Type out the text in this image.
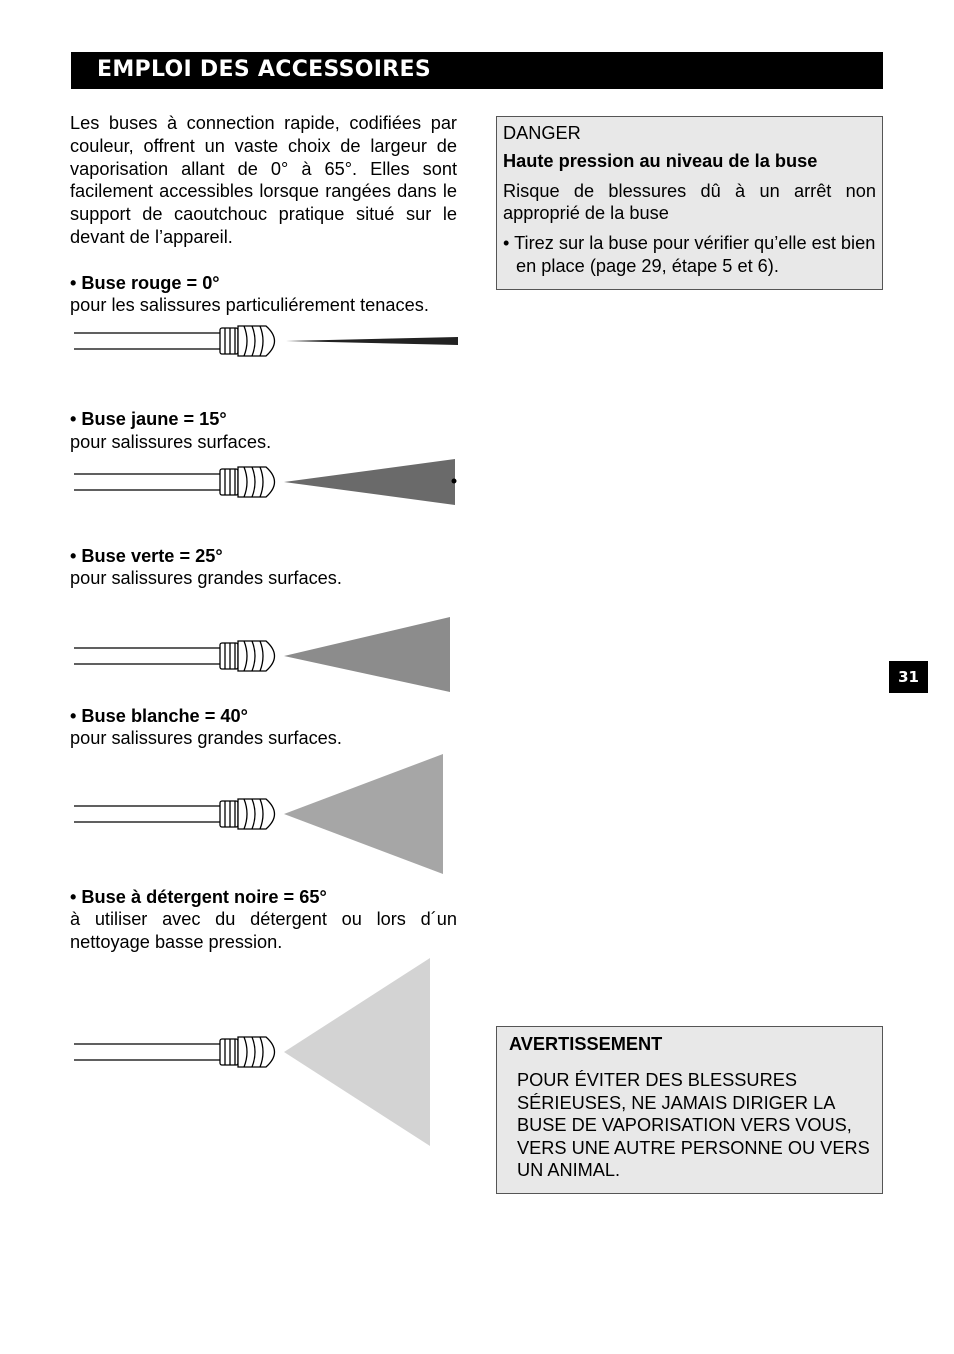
EMPLOI DES ACCESSOIRES

Les buses à connection rapide, codifiées par couleur, offrent un vaste choix de largeur de vaporisation allant de 0° à 65°. Elles sont facilement accessibles lorsque rangées dans le support de caoutchouc pratique situé sur le devant de l’appareil.

• Buse rouge = 0°

pour les salissures particuliérement tenaces.

• Buse jaune = 15°

pour salissures surfaces.

• Buse verte = 25°

pour salissures grandes surfaces.

• Buse blanche = 40°

pour salissures grandes surfaces.

• Buse à détergent noire = 65°

à utiliser avec du détergent ou lors d´un nettoyage basse pression.

DANGER

Haute pression au niveau de la buse

Risque de blessures dû à un arrêt non approprié de la buse

• Tirez sur la buse pour vérifier qu’elle est bien en place (page 29, étape 5 et 6).

31

AVERTISSEMENT

POUR ÉVITER DES BLESSURES SÉRIEUSES, NE JAMAIS DIRIGER LA BUSE DE VAPORISATION VERS VOUS, VERS UNE AUTRE PERSONNE OU VERS UN ANIMAL.
